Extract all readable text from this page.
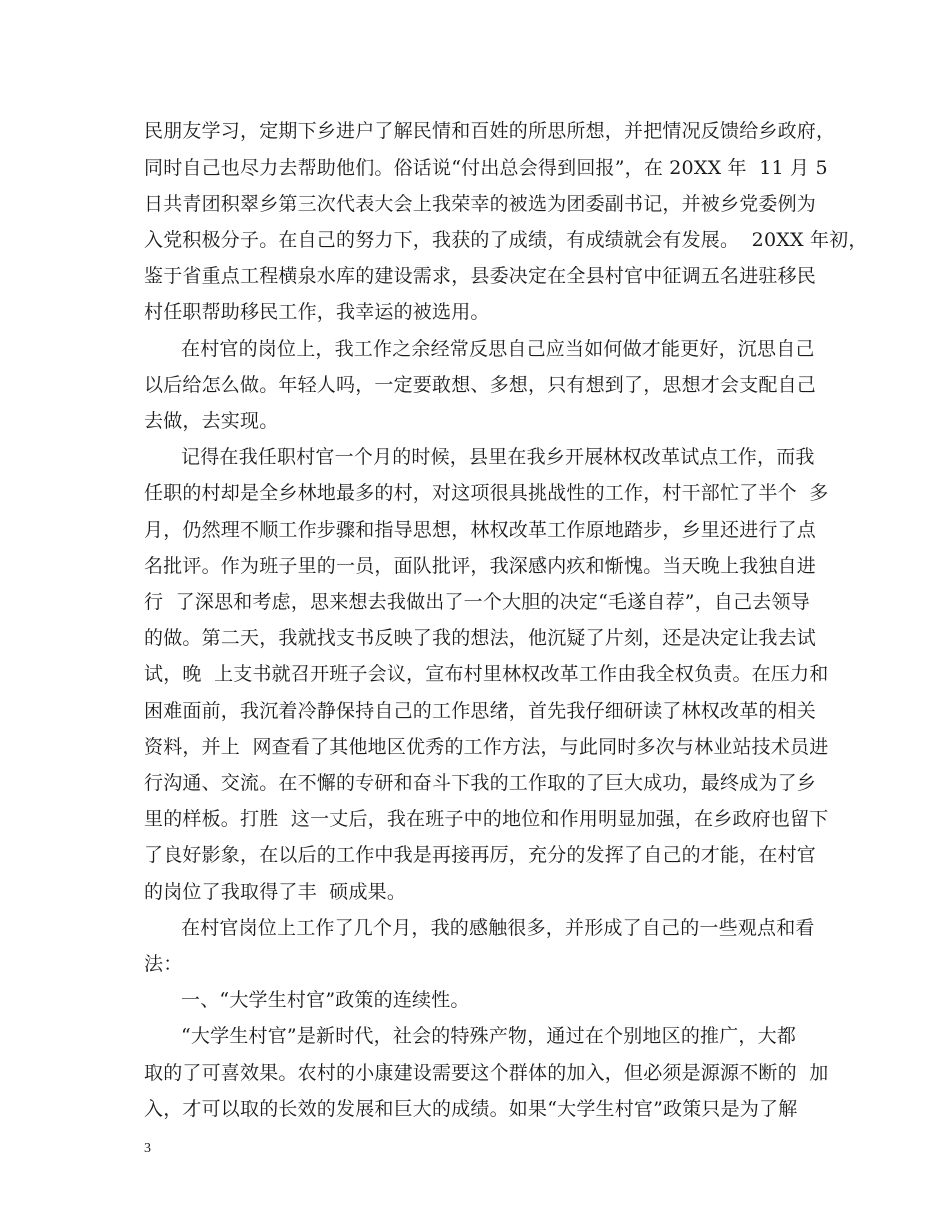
民朋友学习，定期下乡进户了解民情和百姓的所思所想，并把情况反馈给乡政府，
同时自己也尽力去帮助他们。俗话说“付出总会得到回报”，在 20XX 年  11 月 5
日共青团积翠乡第三次代表大会上我荣幸的被选为团委副书记，并被乡党委例为
入党积极分子。在自己的努力下，我获的了成绩，有成绩就会有发展。  20XX 年初，
鉴于省重点工程横泉水库的建设需求，县委决定在全县村官中征调五名进驻移民
村任职帮助移民工作，我幸运的被选用。
在村官的岗位上，我工作之余经常反思自己应当如何做才能更好，沉思自己
以后给怎么做。年轻人吗，一定要敢想、多想，只有想到了，思想才会支配自己
去做，去实现。
记得在我任职村官一个月的时候，县里在我乡开展林权改革试点工作，而我
任职的村却是全乡林地最多的村，对这项很具挑战性的工作，村干部忙了半个  多
月，仍然理不顺工作步骤和指导思想，林权改革工作原地踏步，乡里还进行了点
名批评。作为班子里的一员，面队批评，我深感内疚和惭愧。当天晚上我独自进
行  了深思和考虑，思来想去我做出了一个大胆的决定“毛遂自荐”，自己去领导
的做。第二天，我就找支书反映了我的想法，他沉疑了片刻，还是决定让我去试
试，晚  上支书就召开班子会议，宣布村里林权改革工作由我全权负责。在压力和
困难面前，我沉着冷静保持自己的工作思绪，首先我仔细研读了林权改革的相关
资料，并上  网查看了其他地区优秀的工作方法，与此同时多次与林业站技术员进
行沟通、交流。在不懈的专研和奋斗下我的工作取的了巨大成功，最终成为了乡
里的样板。打胜  这一丈后，我在班子中的地位和作用明显加强，在乡政府也留下
了良好影象，在以后的工作中我是再接再厉，充分的发挥了自己的才能，在村官
的岗位了我取得了丰  硕成果。
在村官岗位上工作了几个月，我的感触很多，并形成了自己的一些观点和看
法：
一、“大学生村官”政策的连续性。
“大学生村官”是新时代，社会的特殊产物，通过在个别地区的推广，大都
取的了可喜效果。农村的小康建设需要这个群体的加入，但必须是源源不断的  加
入，才可以取的长效的发展和巨大的成绩。如果“大学生村官”政策只是为了解
3
